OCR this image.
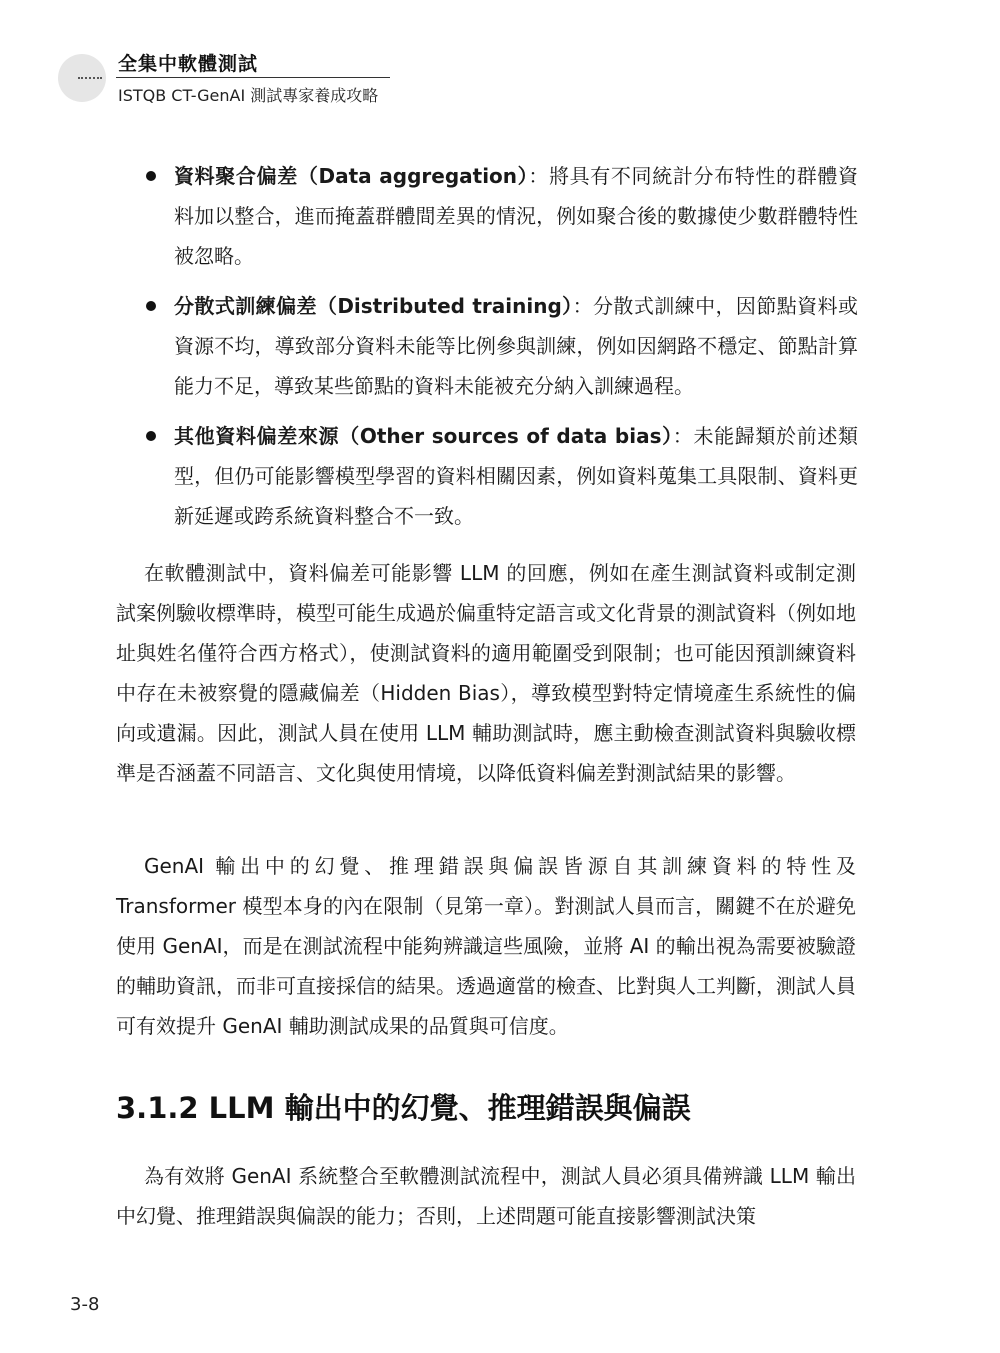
全集中軟體測試
ISTQB CT-GenAI 測試專家養成攻略
資料聚合偏差（Data aggregation）：將具有不同統計分布特性的群體資料加以整合，進而掩蓋群體間差異的情況，例如聚合後的數據使少數群體特性被忽略。
分散式訓練偏差（Distributed training）：分散式訓練中，因節點資料或資源不均，導致部分資料未能等比例參與訓練，例如因網路不穩定、節點計算能力不足，導致某些節點的資料未能被充分納入訓練過程。
其他資料偏差來源（Other sources of data bias）：未能歸類於前述類型，但仍可能影響模型學習的資料相關因素，例如資料蒐集工具限制、資料更新延遲或跨系統資料整合不一致。
在軟體測試中，資料偏差可能影響 LLM 的回應，例如在產生測試資料或制定測試案例驗收標準時，模型可能生成過於偏重特定語言或文化背景的測試資料（例如地址與姓名僅符合西方格式），使測試資料的適用範圍受到限制；也可能因預訓練資料中存在未被察覺的隱藏偏差（Hidden Bias），導致模型對特定情境產生系統性的偏向或遺漏。因此，測試人員在使用 LLM 輔助測試時，應主動檢查測試資料與驗收標準是否涵蓋不同語言、文化與使用情境，以降低資料偏差對測試結果的影響。
GenAI 輸出中的幻覺、推理錯誤與偏誤皆源自其訓練資料的特性及 Transformer 模型本身的內在限制（見第一章）。對測試人員而言，關鍵不在於避免使用 GenAI，而是在測試流程中能夠辨識這些風險，並將 AI 的輸出視為需要被驗證的輔助資訊，而非可直接採信的結果。透過適當的檢查、比對與人工判斷，測試人員可有效提升 GenAI 輔助測試成果的品質與可信度。
3.1.2 LLM 輸出中的幻覺、推理錯誤與偏誤
為有效將 GenAI 系統整合至軟體測試流程中，測試人員必須具備辨識 LLM 輸出中幻覺、推理錯誤與偏誤的能力；否則，上述問題可能直接影響測試決策
3-8
